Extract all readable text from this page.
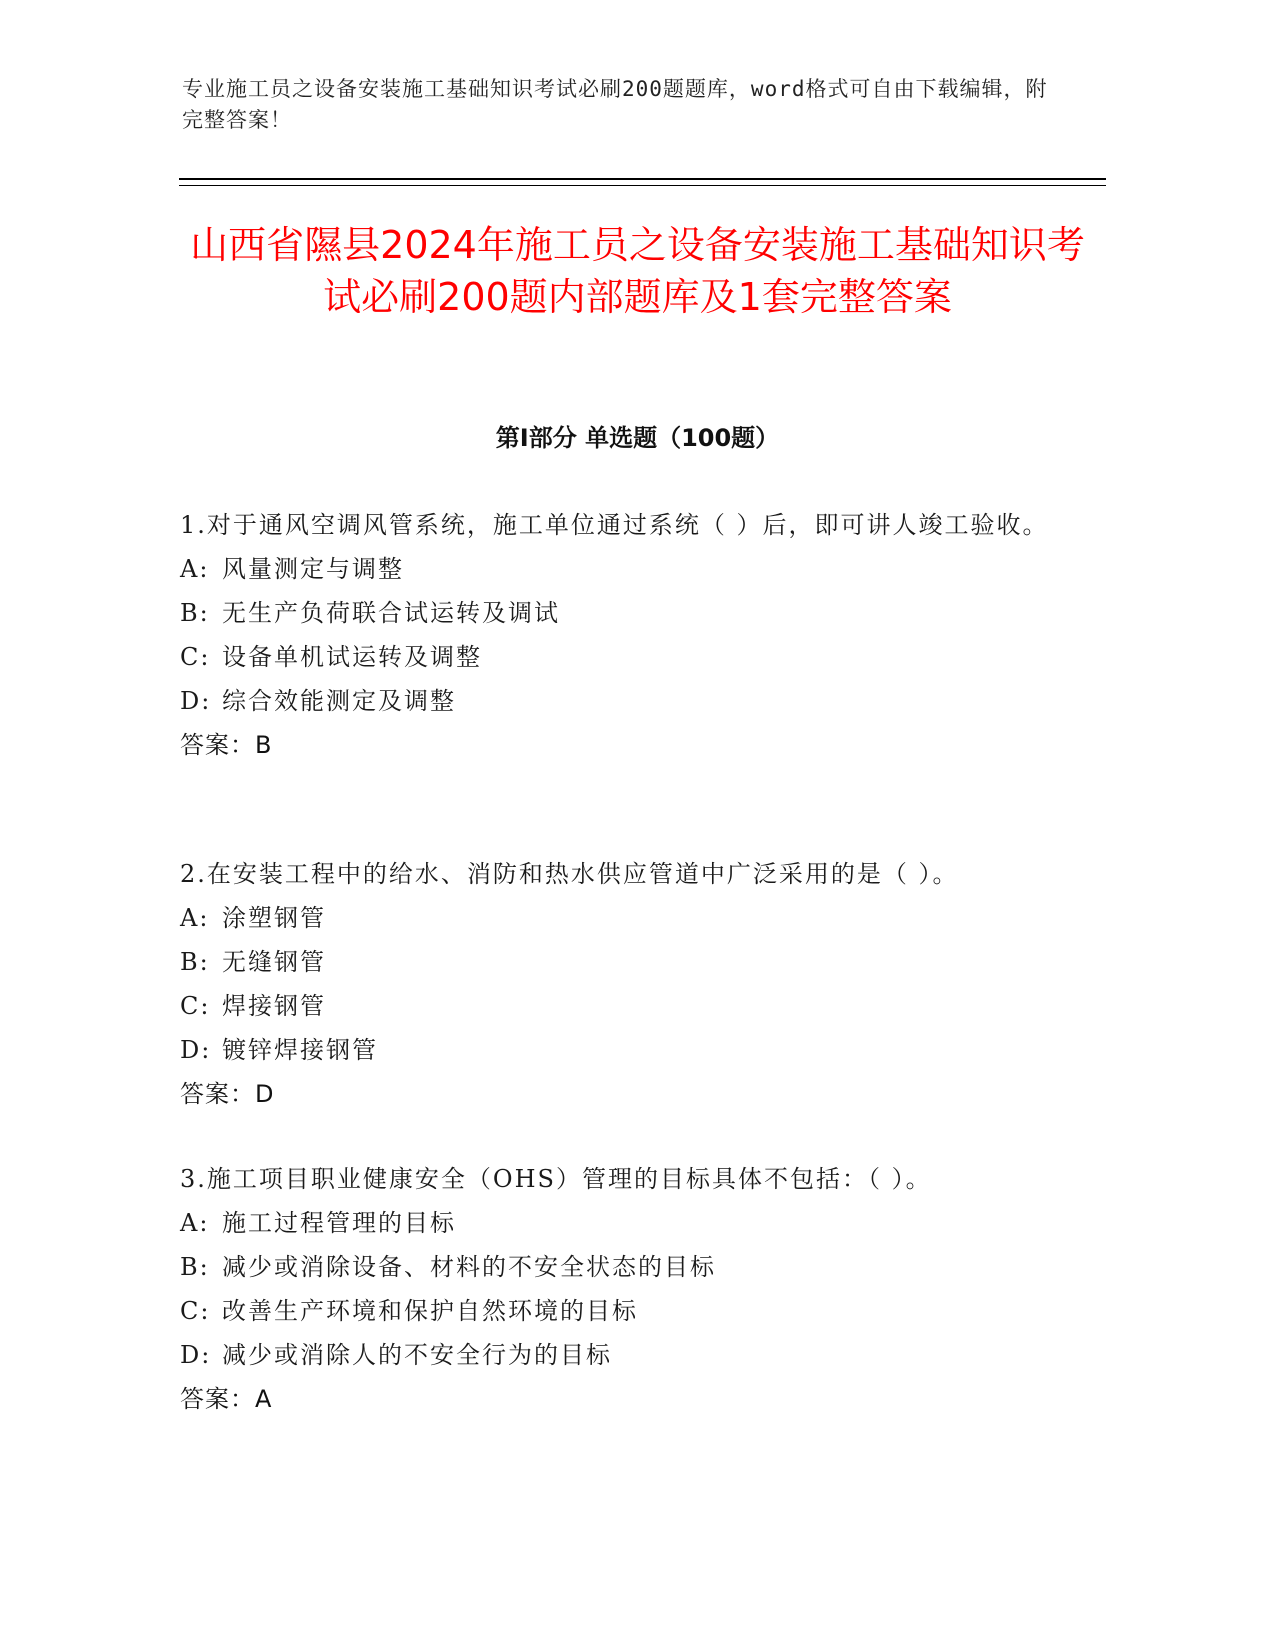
专业施工员之设备安装施工基础知识考试必刷200题题库，word格式可自由下载编辑，附完整答案！
山西省隰县2024年施工员之设备安装施工基础知识考试必刷200题内部题库及1套完整答案
第Ⅰ部分 单选题（100题）
1.对于通风空调风管系统，施工单位通过系统（ ）后，即可讲人竣工验收。
A: 风量测定与调整
B: 无生产负荷联合试运转及调试
C: 设备单机试运转及调整
D: 综合效能测定及调整
答案：B
2.在安装工程中的给水、消防和热水供应管道中广泛采用的是（ ）。
A: 涂塑钢管
B: 无缝钢管
C: 焊接钢管
D: 镀锌焊接钢管
答案：D
3.施工项目职业健康安全（OHS）管理的目标具体不包括：（ ）。
A: 施工过程管理的目标
B: 减少或消除设备、材料的不安全状态的目标
C: 改善生产环境和保护自然环境的目标
D: 减少或消除人的不安全行为的目标
答案：A
